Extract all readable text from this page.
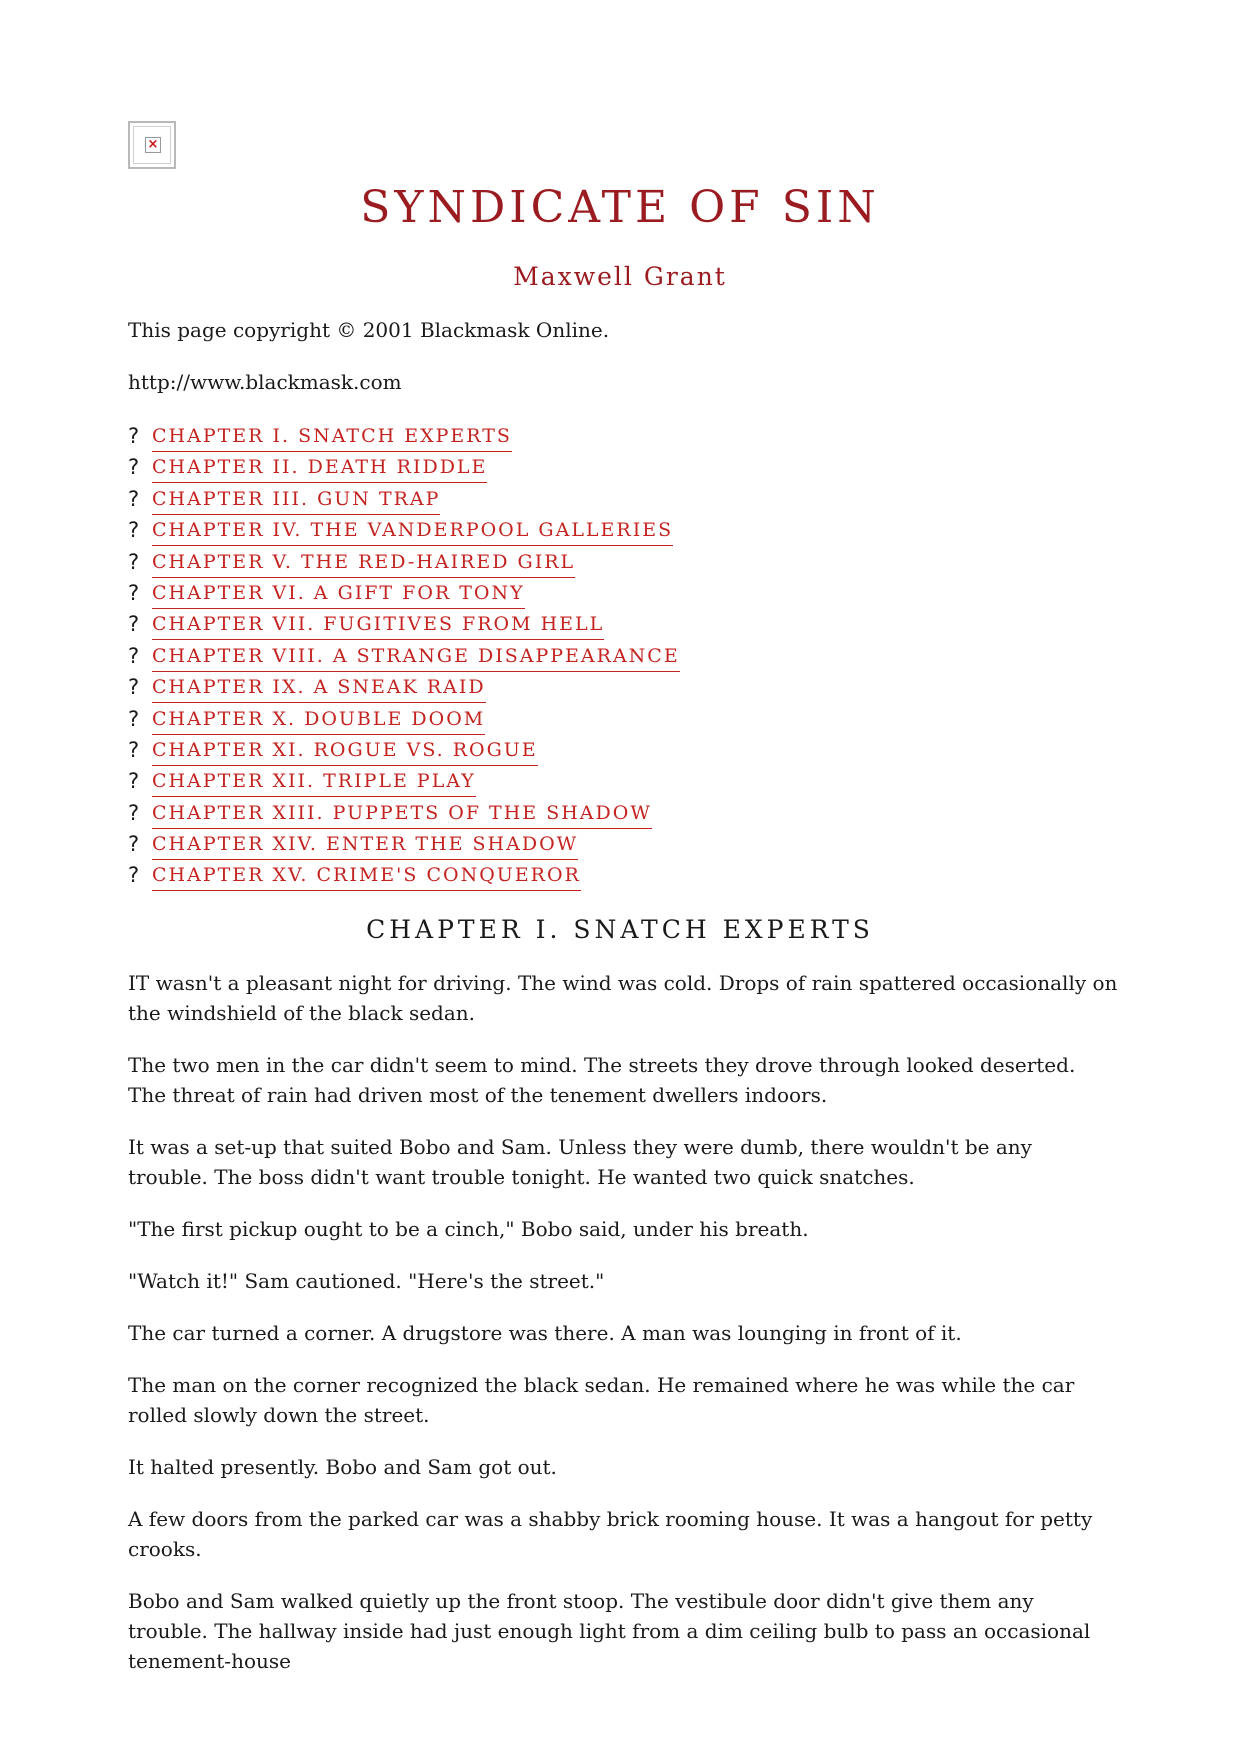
×
SYNDICATE OF SIN
Maxwell Grant
This page copyright © 2001 Blackmask Online.
http://www.blackmask.com
? CHAPTER I. SNATCH EXPERTS
? CHAPTER II. DEATH RIDDLE
? CHAPTER III. GUN TRAP
? CHAPTER IV. THE VANDERPOOL GALLERIES
? CHAPTER V. THE RED-HAIRED GIRL
? CHAPTER VI. A GIFT FOR TONY
? CHAPTER VII. FUGITIVES FROM HELL
? CHAPTER VIII. A STRANGE DISAPPEARANCE
? CHAPTER IX. A SNEAK RAID
? CHAPTER X. DOUBLE DOOM
? CHAPTER XI. ROGUE VS. ROGUE
? CHAPTER XII. TRIPLE PLAY
? CHAPTER XIII. PUPPETS OF THE SHADOW
? CHAPTER XIV. ENTER THE SHADOW
? CHAPTER XV. CRIME'S CONQUEROR
CHAPTER I. SNATCH EXPERTS

IT wasn't a pleasant night for driving. The wind was cold. Drops of rain spattered occasionally on the windshield of the black sedan.

The two men in the car didn't seem to mind. The streets they drove through looked deserted. The threat of rain had driven most of the tenement dwellers indoors.

It was a set-up that suited Bobo and Sam. Unless they were dumb, there wouldn't be any trouble. The boss didn't want trouble tonight. He wanted two quick snatches.

"The first pickup ought to be a cinch," Bobo said, under his breath.

"Watch it!" Sam cautioned. "Here's the street."

The car turned a corner. A drugstore was there. A man was lounging in front of it.

The man on the corner recognized the black sedan. He remained where he was while the car rolled slowly down the street.

It halted presently. Bobo and Sam got out.

A few doors from the parked car was a shabby brick rooming house. It was a hangout for petty crooks.

Bobo and Sam walked quietly up the front stoop. The vestibule door didn't give them any trouble. The hallway inside had just enough light from a dim ceiling bulb to pass an occasional tenement-house
